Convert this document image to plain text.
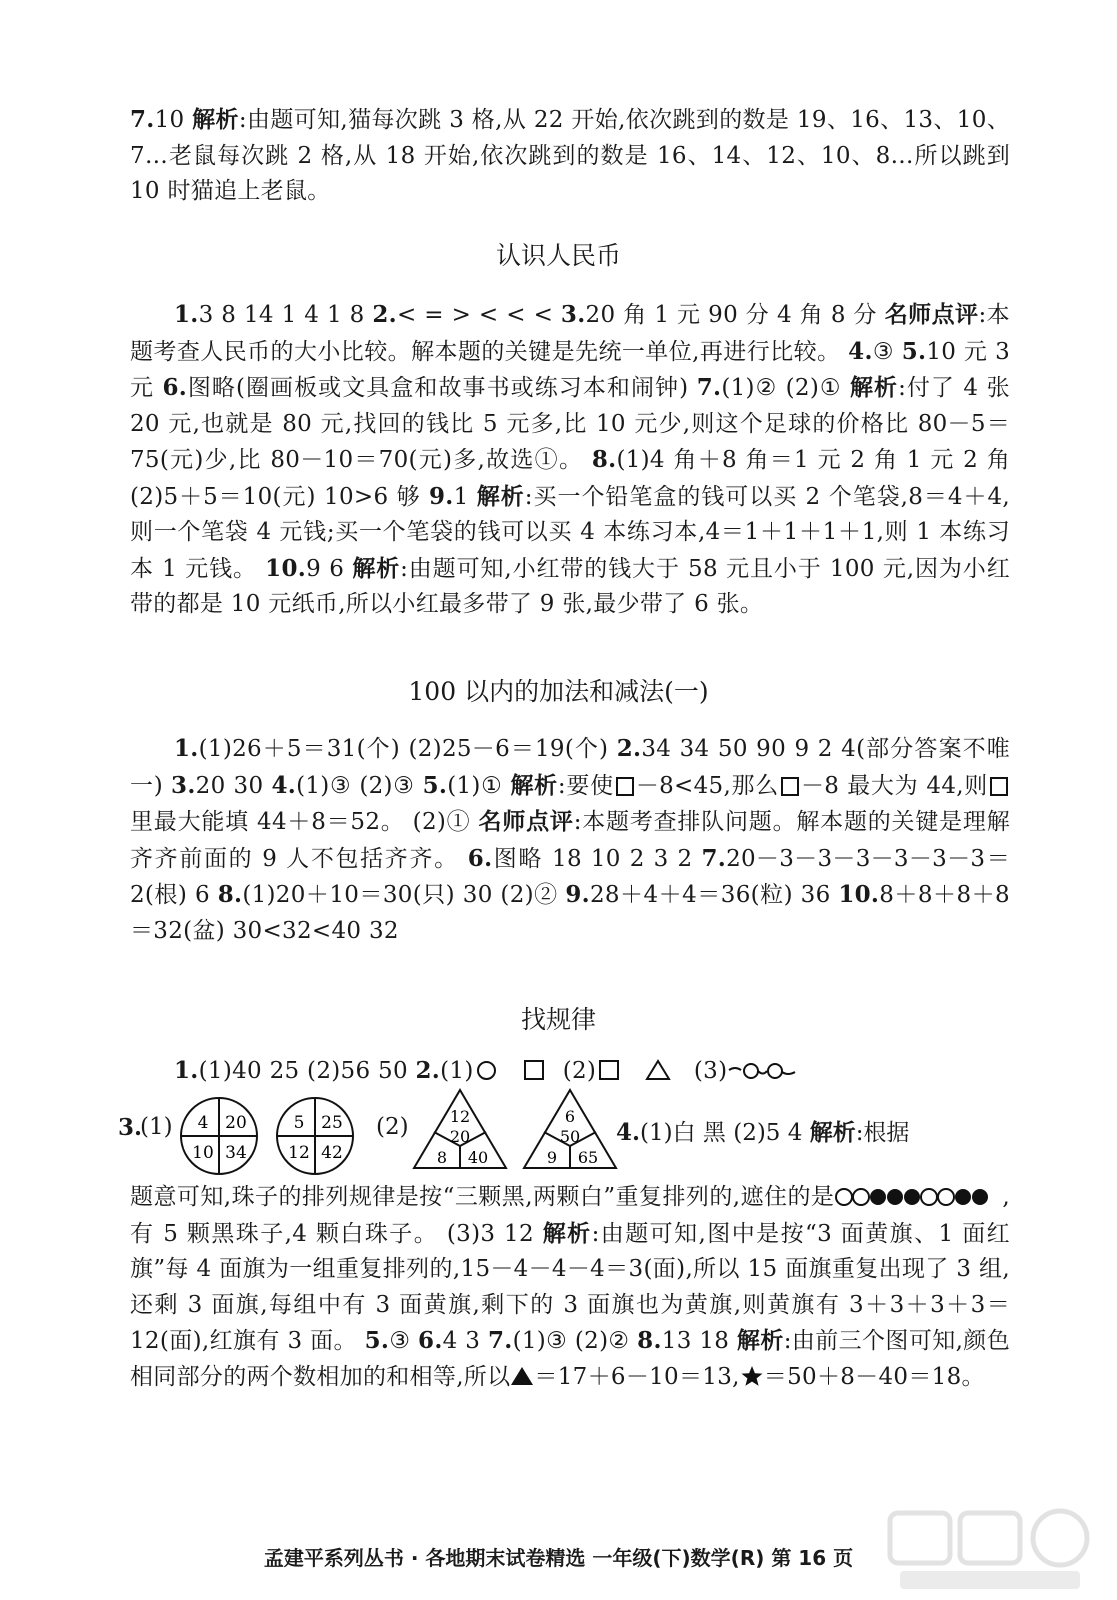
7.10 解析:由题可知,猫每次跳 3 格,从 22 开始,依次跳到的数是 19、16、13、10、7…老鼠每次跳 2 格,从 18 开始,依次跳到的数是 16、14、12、10、8…所以跳到 10 时猫追上老鼠。
认识人民币
1.3 8 14 1 4 1 8 2.< = > < < < 3.20 角 1 元 90 分 4 角 8 分 名师点评:本题考查人民币的大小比较。解本题的关键是先统一单位,再进行比较。 4.③ 5.10 元 3 元 6.图略(圈画板或文具盒和故事书或练习本和闹钟) 7.(1)② (2)① 解析:付了 4 张 20 元,也就是 80 元,找回的钱比 5 元多,比 10 元少,则这个足球的价格比 80－5＝75(元)少,比 80－10＝70(元)多,故选①。 8.(1)4 角＋8 角＝1 元 2 角 1 元 2 角 (2)5＋5＝10(元) 10>6 够 9.1 解析:买一个铅笔盒的钱可以买 2 个笔袋,8＝4＋4,则一个笔袋 4 元钱;买一个笔袋的钱可以买 4 本练习本,4＝1＋1＋1＋1,则 1 本练习本 1 元钱。 10.9 6 解析:由题可知,小红带的钱大于 58 元且小于 100 元,因为小红带的都是 10 元纸币,所以小红最多带了 9 张,最少带了 6 张。
100 以内的加法和减法(一)
1.(1)26＋5＝31(个) (2)25－6＝19(个) 2.34 34 50 90 9 2 4(部分答案不唯一) 3.20 30 4.(1)③ (2)③ 5.(1)① 解析:要使 －8<45,那么 －8 最大为 44,则里最大能填 44＋8＝52。 (2)① 名师点评:本题考查排队问题。解本题的关键是理解齐齐前面的 9 人不包括齐齐。 6.图略 18 10 2 3 2 7.20－3－3－3－3－3－3＝2(根) 6 8.(1)20＋10＝30(只) 30 (2)② 9.28＋4＋4＝36(粒) 36 10.8＋8＋8＋8＝32(盆) 30<32<40 32
找规律
1.(1)40 25 (2)56 50 2.(1)	(2)	(3)
3.
(1) 4 20
10 34
5 25
12 42
(2)	12
20
8 40
6
50
9 65
4.(1)白 黑 (2)5 4 解析:根据
题意可知,珠子的排列规律是按“三颗黑,两颗白”重复排列的,遮住的是	,有 5 颗黑珠子,4 颗白珠子。 (3)3 12 解析:由题可知,图中是按“3 面黄旗、1 面红旗”每 4 面旗为一组重复排列的,15－4－4－4＝3(面),所以 15 面旗重复出现了 3 组,还剩 3 面旗,每组中有 3 面黄旗,剩下的 3 面旗也为黄旗,则黄旗有 3＋3＋3＋3＝12(面),红旗有 3 面。 5.③ 6.4 3 7.(1)③ (2)② 8.13 18 解析:由前三个图可知,颜色相同部分的两个数相加的和相等,所以 ＝17＋6－10＝13, ＝50＋8－40＝18。
孟建平系列丛书 · 各地期末试卷精选 一年级(下)数学(R) 第 16 页
